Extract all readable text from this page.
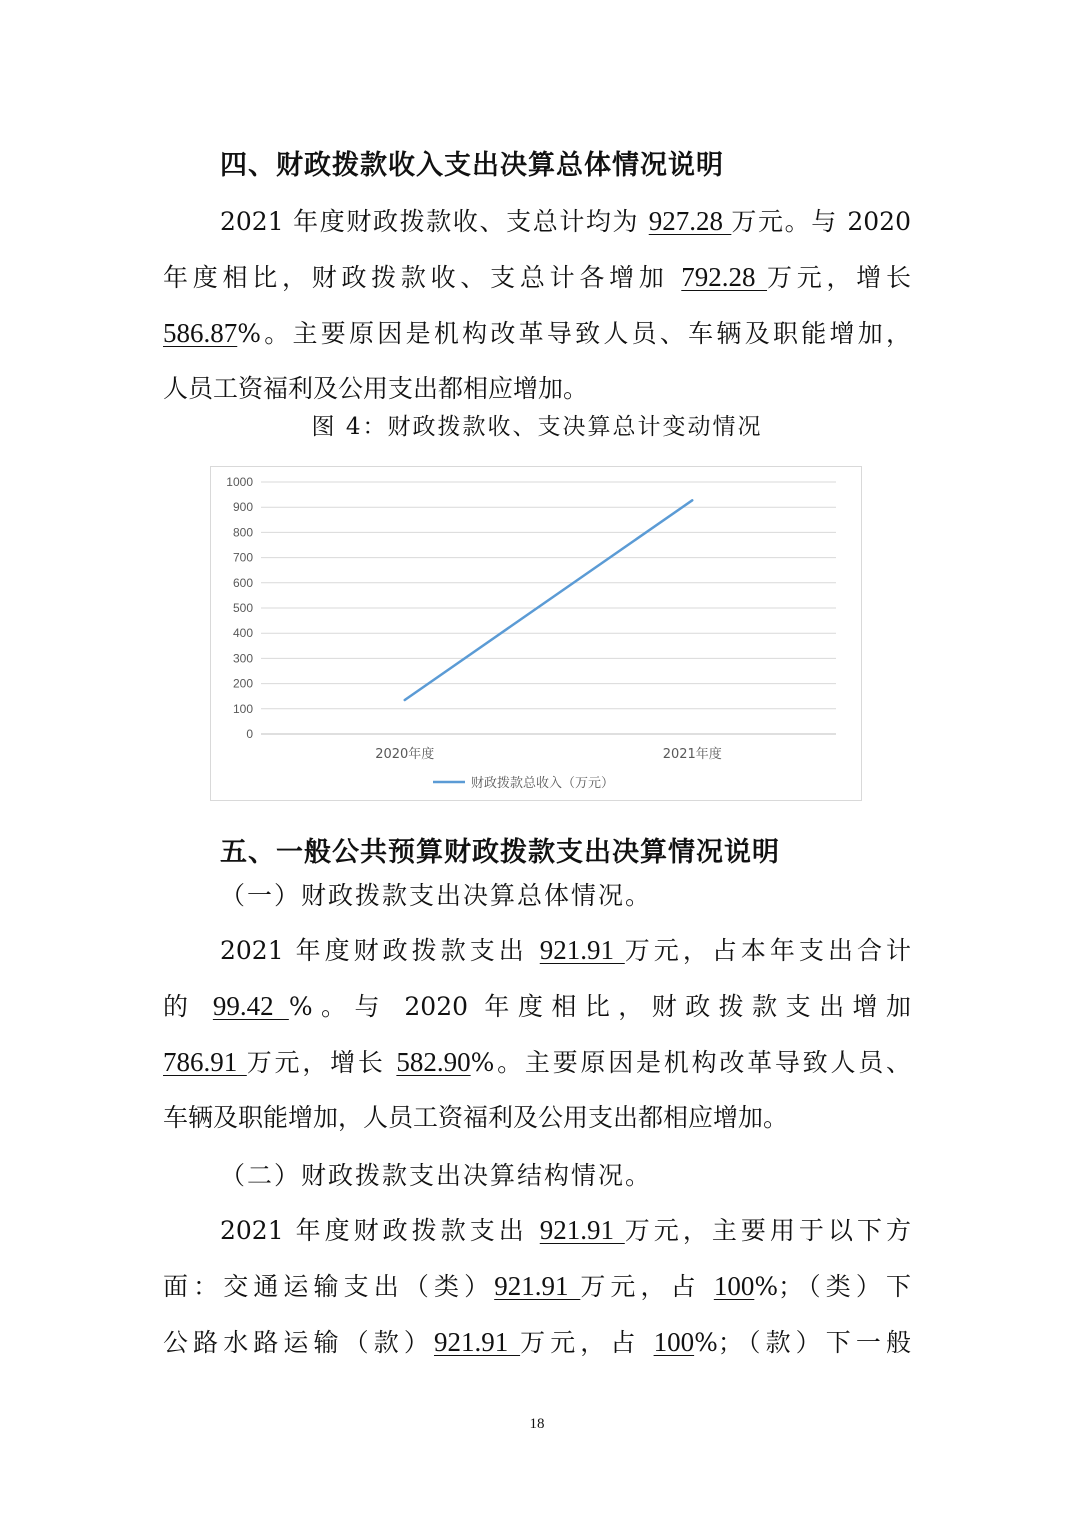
四、财政拨款收入支出决算总体情况说明
2021 年度财政拨款收、支总计均为 927.28 万元。与 2020
年度相比，财政拨款收、支总计各增加 792.28 万元，增长
586.87%。主要原因是机构改革导致人员、车辆及职能增加，
人员工资福利及公用支出都相应增加。
图 4：财政拨款收、支决算总计变动情况
0
100
200
300
400
500
600
700
800
900
1000
2020年度	2021年度
财政拨款总收入（万元）
五、一般公共预算财政拨款支出决算情况说明
（一）财政拨款支出决算总体情况。
2021 年度财政拨款支出 921.91 万元，占本年支出合计
的 99.42 %。与 2020 年度相比，财政拨款支出增加
786.91 万元，增长 582.90%。主要原因是机构改革导致人员、
车辆及职能增加，人员工资福利及公用支出都相应增加。
（二）财政拨款支出决算结构情况。
2021 年度财政拨款支出 921.91 万元，主要用于以下方
面：交通运输支出（类）921.91 万元，占 100%；（类）下
公路水路运输（款）921.91 万元，占 100%；（款）下一般
18
